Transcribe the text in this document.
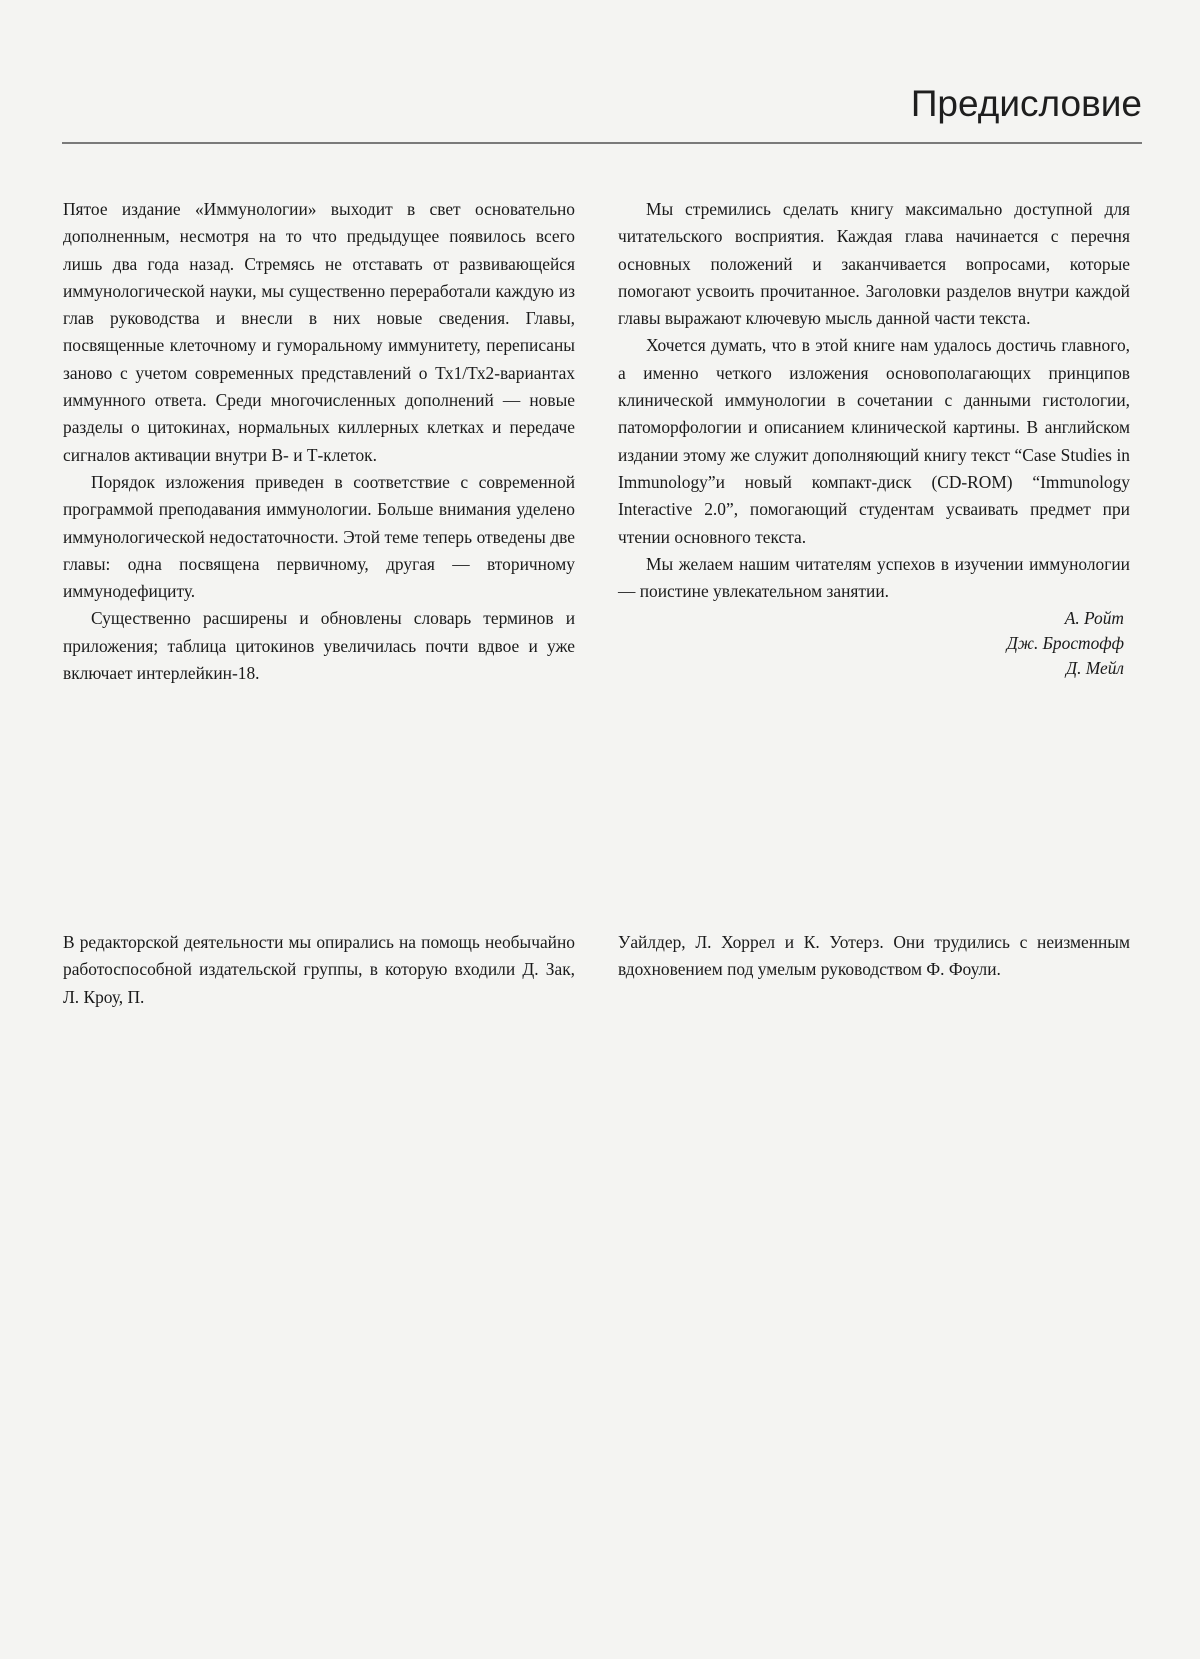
Предисловие

Пятое издание «Иммунологии» выходит в свет основательно дополненным, несмотря на то что предыдущее появилось всего лишь два года назад. Стремясь не отставать от развивающейся иммунологической науки, мы существенно переработали каждую из глав руководства и внесли в них новые сведения. Главы, посвященные клеточному и гуморальному иммунитету, переписаны заново с учетом современных представлений о Тх1/Тх2-вариантах иммунного ответа. Среди многочисленных дополнений — новые разделы о цитокинах, нормальных киллерных клетках и передаче сигналов активации внутри В- и Т-клеток.

Порядок изложения приведен в соответствие с современной программой преподавания иммунологии. Больше внимания уделено иммунологической недостаточности. Этой теме теперь отведены две главы: одна посвящена первичному, другая — вторичному иммунодефициту.

Существенно расширены и обновлены словарь терминов и приложения; таблица цитокинов увеличилась почти вдвое и уже включает интерлейкин-18.

Мы стремились сделать книгу максимально доступной для читательского восприятия. Каждая глава начинается с перечня основных положений и заканчивается вопросами, которые помогают усвоить прочитанное. Заголовки разделов внутри каждой главы выражают ключевую мысль данной части текста.

Хочется думать, что в этой книге нам удалось достичь главного, а именно четкого изложения основополагающих принципов клинической иммунологии в сочетании с данными гистологии, патоморфологии и описанием клинической картины. В английском издании этому же служит дополняющий книгу текст “Case Studies in Immunology”и новый компакт-диск (CD-ROM) “Immunology Interactive 2.0”, помогающий студентам усваивать предмет при чтении основного текста.

Мы желаем нашим читателям успехов в изучении иммунологии — поистине увлекательном занятии.

А. Ройт
Дж. Бростофф
Д. Мейл

В редакторской деятельности мы опирались на помощь необычайно работоспособной издательской группы, в которую входили Д. Зак, Л. Кроу, П.

Уайлдер, Л. Хоррел и К. Уотерз. Они трудились с неизменным вдохновением под умелым руководством Ф. Фоули.
